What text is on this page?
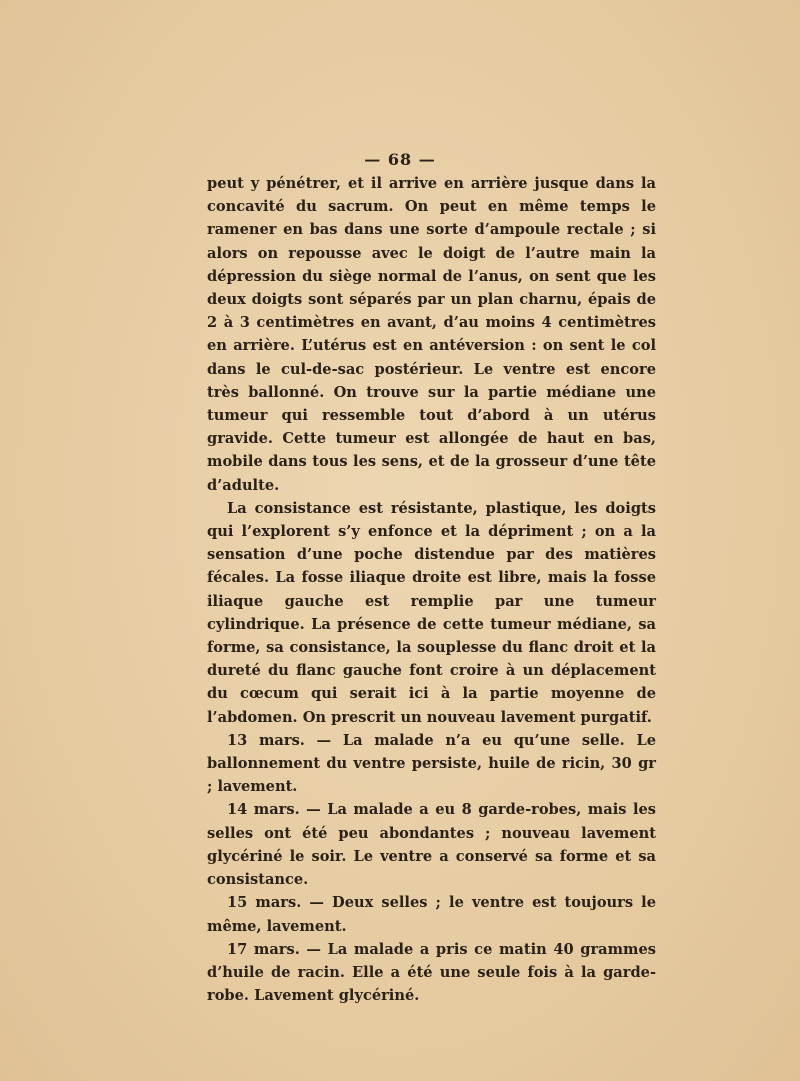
— 68 —

peut y pénétrer, et il arrive en arrière jusque dans la concavité du sacrum. On peut en même temps le ramener en bas dans une sorte d’ampoule rectale ; si alors on repousse avec le doigt de l’autre main la dépression du siège normal de l’anus, on sent que les deux doigts sont séparés par un plan charnu, épais de 2 à 3 centimètres en avant, d’au moins 4 centimètres en arrière. L’utérus est en antéversion : on sent le col dans le cul-de-sac postérieur. Le ventre est encore très ballonné. On trouve sur la partie médiane une tumeur qui ressemble tout d’abord à un utérus gravide. Cette tumeur est allongée de haut en bas, mobile dans tous les sens, et de la grosseur d’une tête d’adulte.

La consistance est résistante, plastique, les doigts qui l’explorent s’y enfonce et la dépriment ; on a la sensation d’une poche distendue par des matières fécales. La fosse iliaque droite est libre, mais la fosse iliaque gauche est remplie par une tumeur cylindrique. La présence de cette tumeur médiane, sa forme, sa consistance, la souplesse du flanc droit et la dureté du flanc gauche font croire à un déplacement du cœcum qui serait ici à la partie moyenne de l’abdomen. On prescrit un nouveau lavement purgatif.

13 mars. — La malade n’a eu qu’une selle. Le ballonnement du ventre persiste, huile de ricin, 30 gr ; lavement.

14 mars. — La malade a eu 8 garde-robes, mais les selles ont été peu abondantes ; nouveau lavement glycériné le soir. Le ventre a conservé sa forme et sa consistance.

15 mars. — Deux selles ; le ventre est toujours le même, lavement.

17 mars. — La malade a pris ce matin 40 grammes d’huile de racin. Elle a été une seule fois à la garde-robe. Lavement glycériné.
